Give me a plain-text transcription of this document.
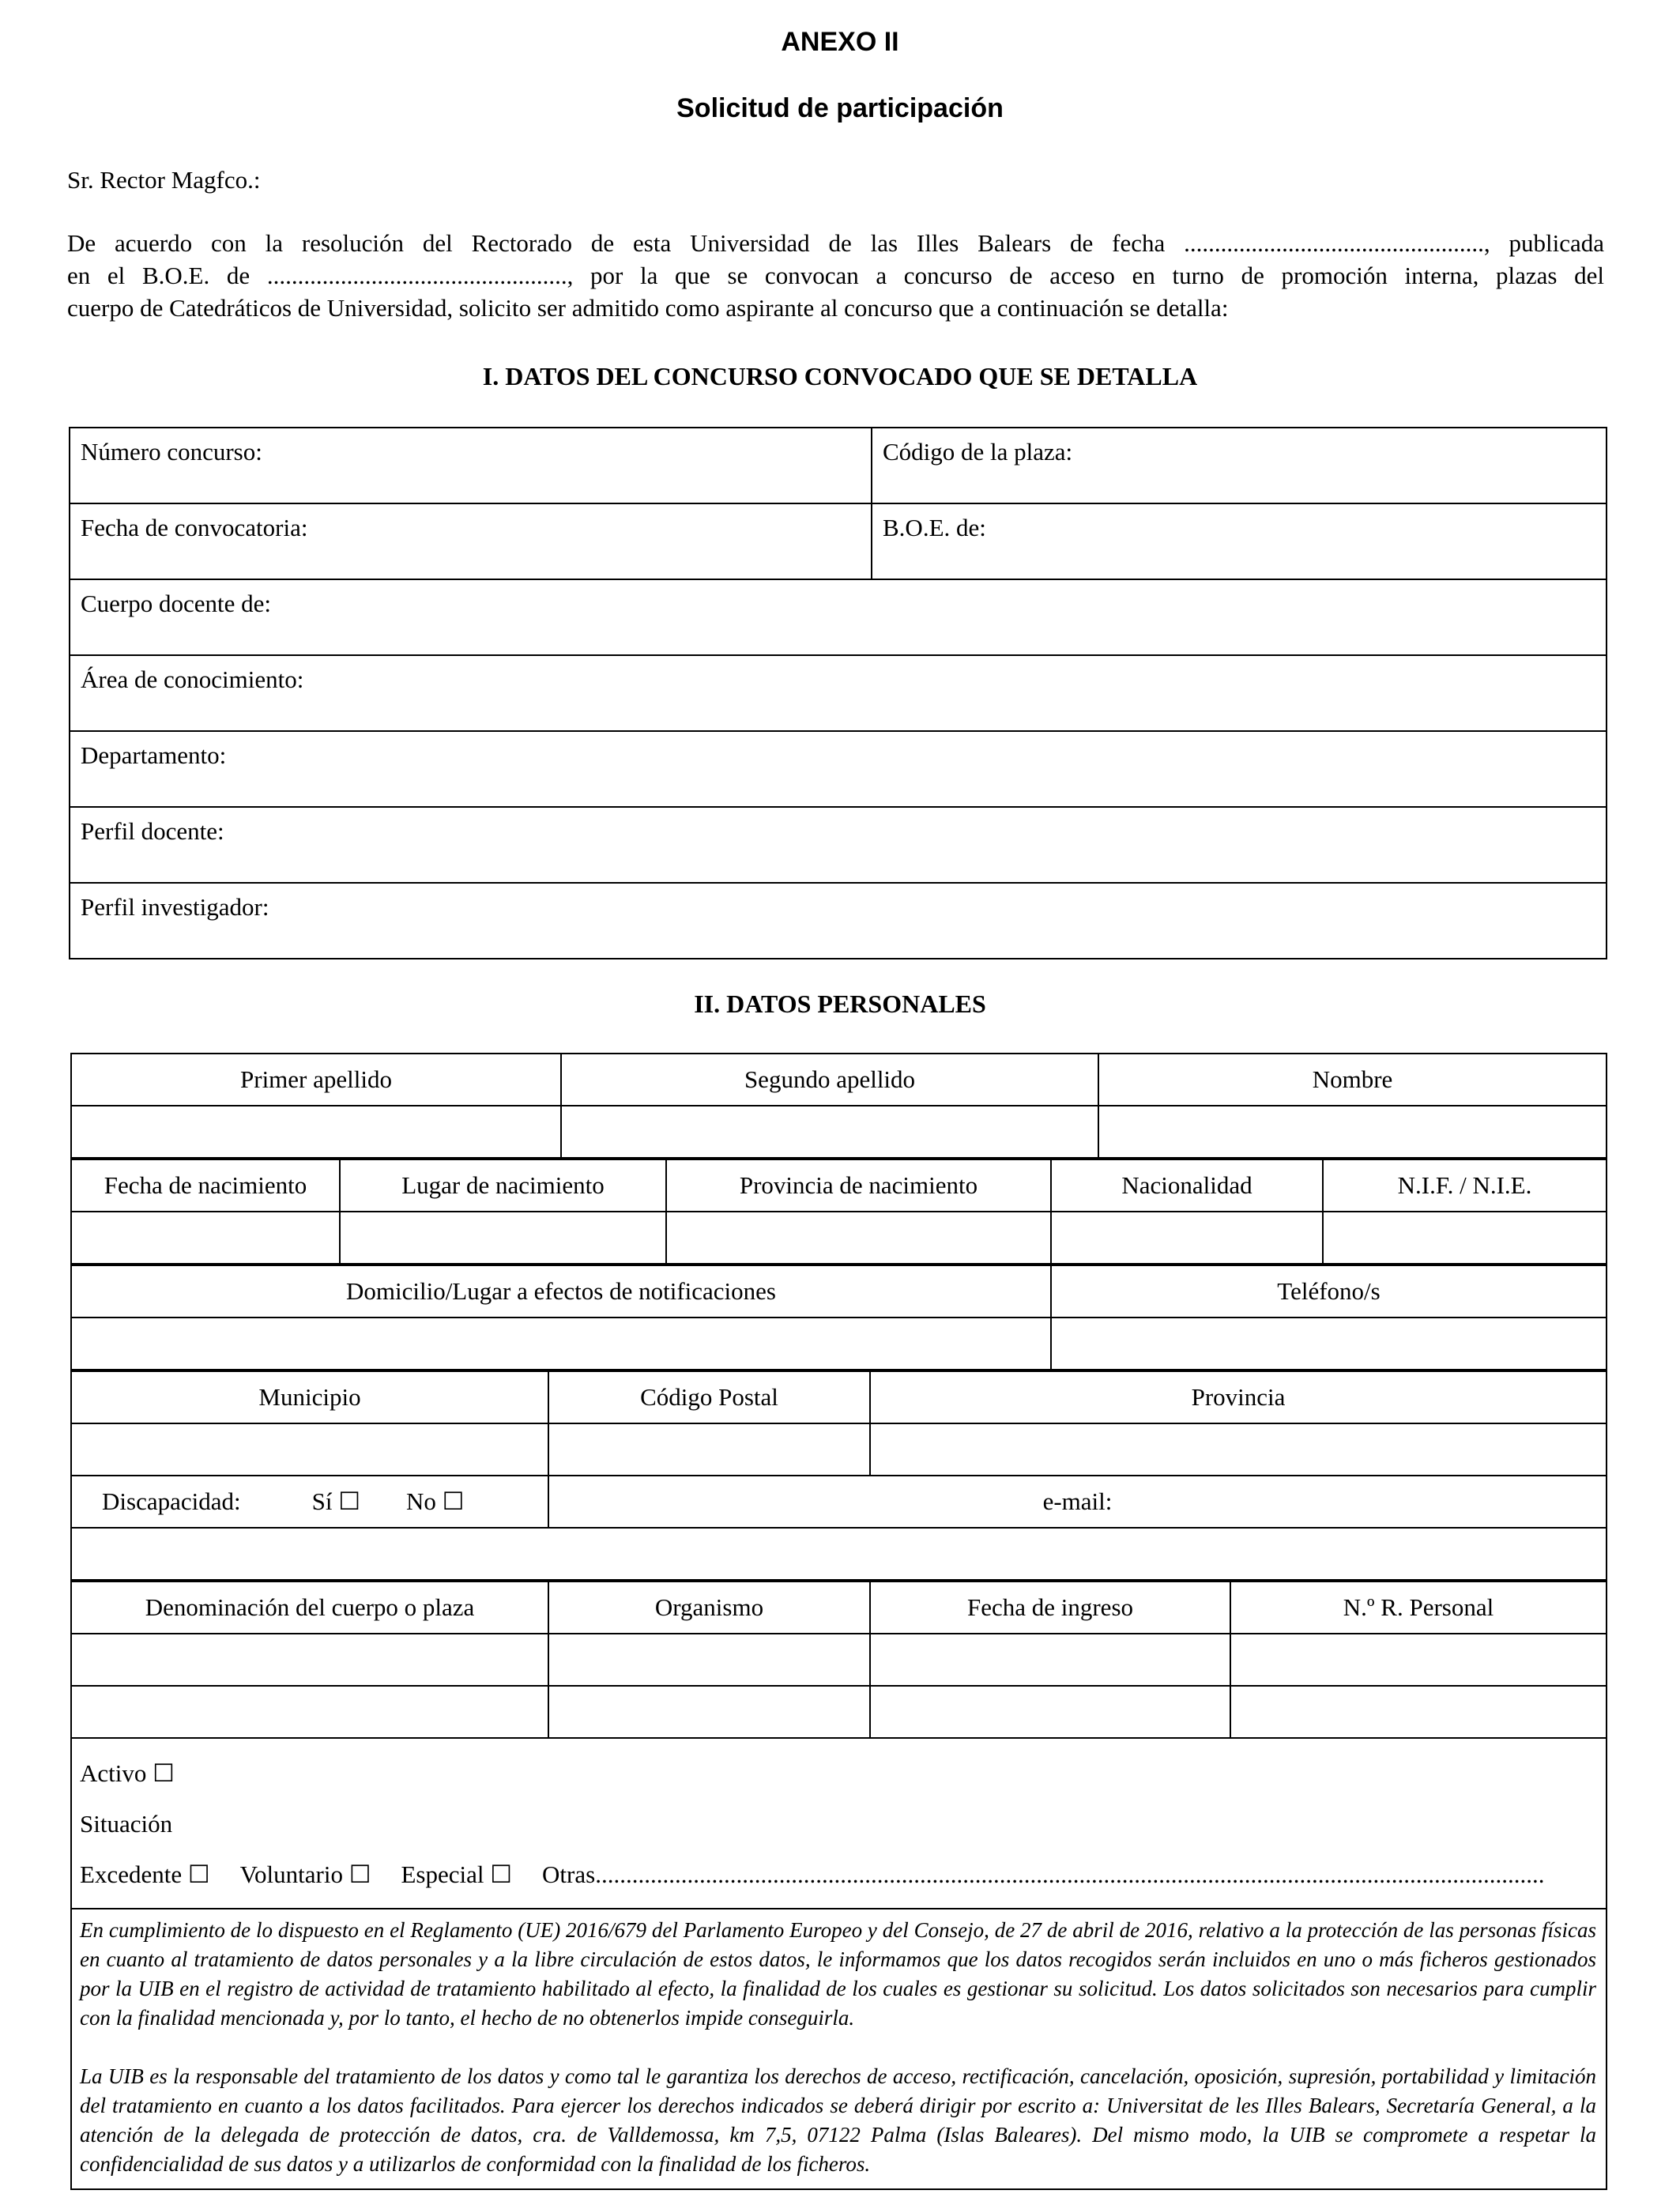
ANEXO II
Solicitud de participación
Sr. Rector Magfco.:
De acuerdo con la resolución del Rectorado de esta Universidad de las Illes Balears de fecha ................................................., publicada
en el B.O.E. de ................................................., por la que se convocan a concurso de acceso en turno de promoción interna, plazas del
cuerpo de Catedráticos de Universidad, solicito ser admitido como aspirante al concurso que a continuación se detalla:
I. DATOS DEL CONCURSO CONVOCADO QUE SE DETALLA
Número concurso:	Código de la plaza:
Fecha de convocatoria:	B.O.E. de:
Cuerpo docente de:	
Área de conocimiento:	
Departamento:	
Perfil docente:	
Perfil investigador:	
II. DATOS PERSONALES
Primer apellido	Segundo apellido	Nombre

Fecha de nacimiento	Lugar de nacimiento	Provincia de nacimiento	Nacionalidad	N.I.F. / N.I.E.

Domicilio/Lugar a efectos de notificaciones	Teléfono/s

Municipio	Código Postal	Provincia

Discapacidad:	Sí ☐ No ☐	e-mail:

Denominación del cuerpo o plaza	Organismo	Fecha de ingreso	N.º R. Personal

Activo ☐
Situación
Excedente ☐ Voluntario ☐ Especial ☐ Otras...........................................................................................................................................................

En cumplimiento de lo dispuesto en el Reglamento (UE) 2016/679 del Parlamento Europeo y del Consejo, de 27 de abril de 2016, relativo a la protección de las personas físicas en cuanto al tratamiento de datos personales y a la libre circulación de estos datos, le informamos que los datos recogidos serán incluidos en uno o más ficheros gestionados por la UIB en el registro de actividad de tratamiento habilitado al efecto, la finalidad de los cuales es gestionar su solicitud. Los datos solicitados son necesarios para cumplir con la finalidad mencionada y, por lo tanto, el hecho de no obtenerlos impide conseguirla.

La UIB es la responsable del tratamiento de los datos y como tal le garantiza los derechos de acceso, rectificación, cancelación, oposición, supresión, portabilidad y limitación del tratamiento en cuanto a los datos facilitados. Para ejercer los derechos indicados se deberá dirigir por escrito a: Universitat de les Illes Balears, Secretaría General, a la atención de la delegada de protección de datos, cra. de Valldemossa, km 7,5, 07122 Palma (Islas Baleares). Del mismo modo, la UIB se compromete a respetar la confidencialidad de sus datos y a utilizarlos de conformidad con la finalidad de los ficheros.
